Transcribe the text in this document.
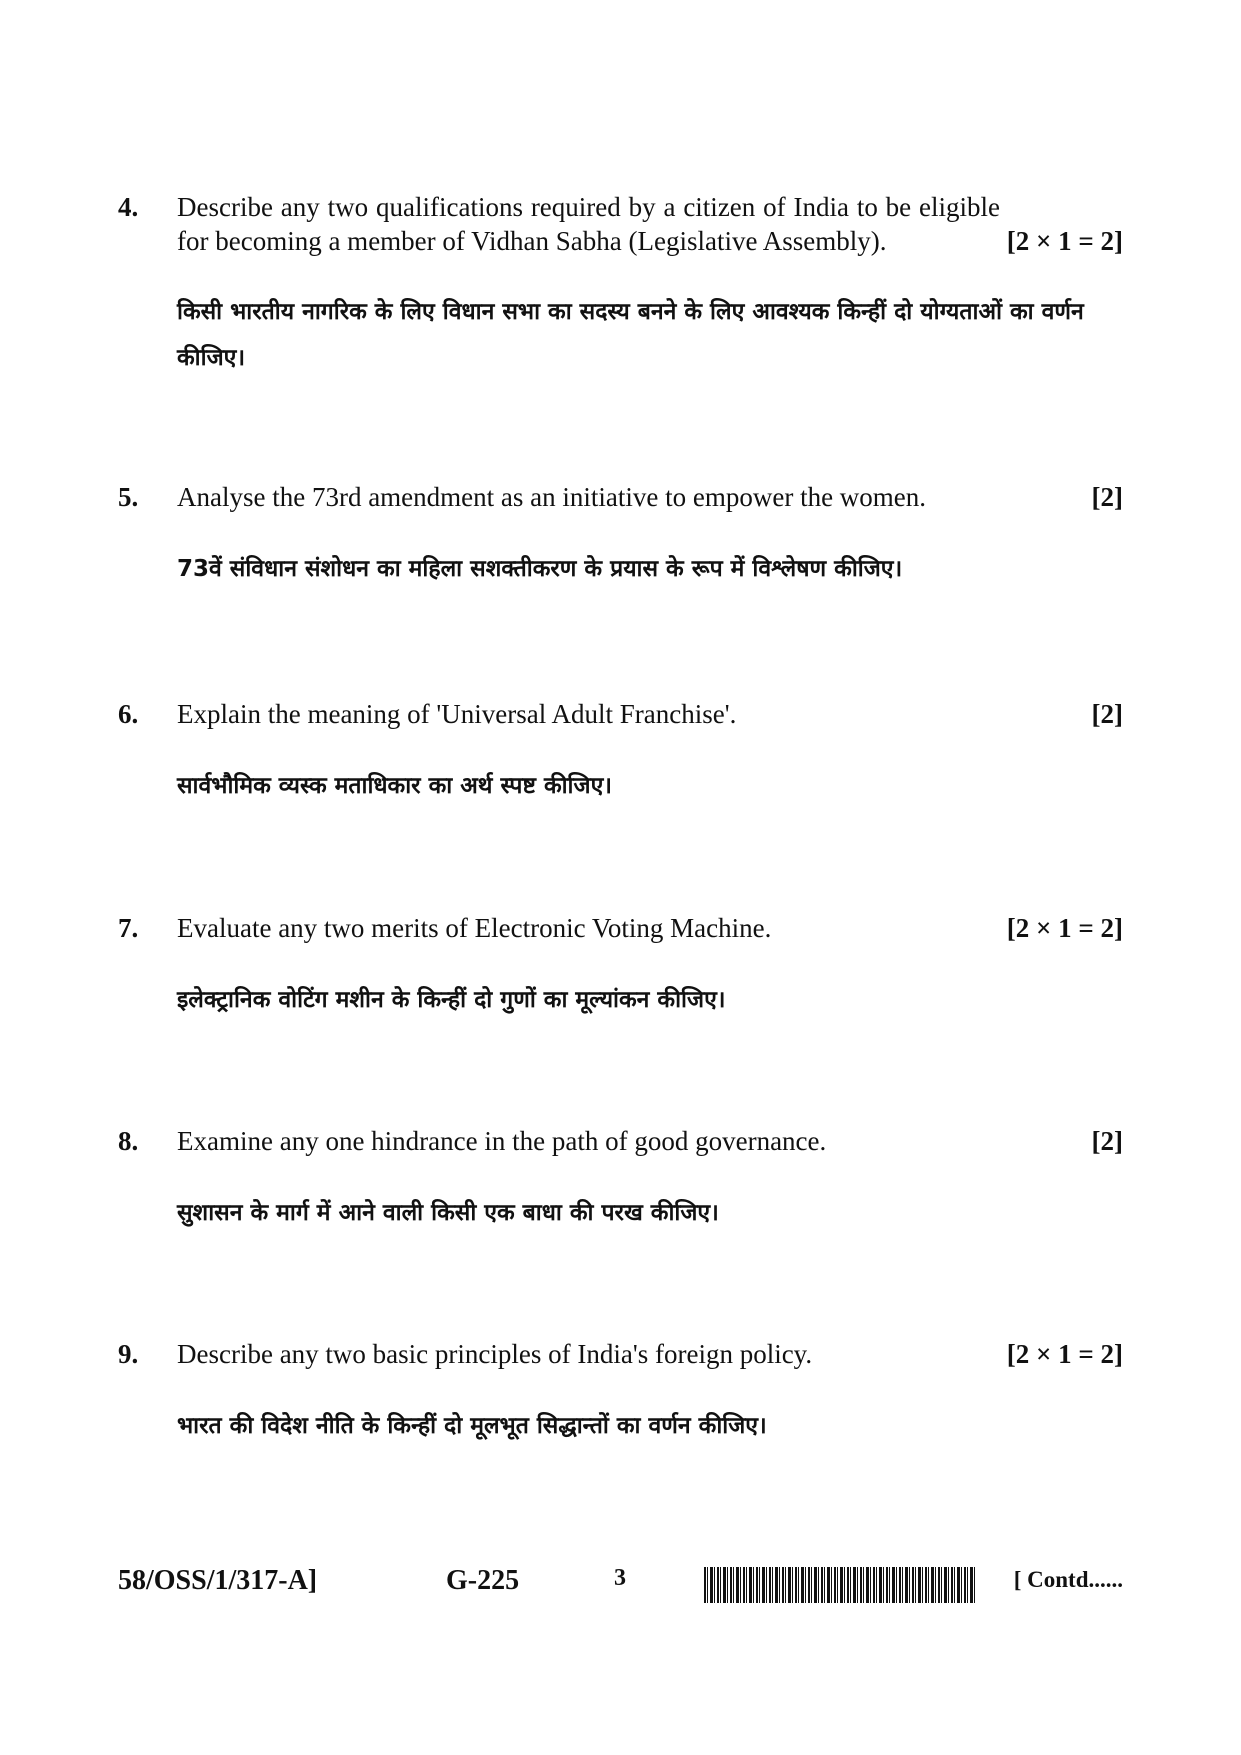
4. Describe any two qualifications required by a citizen of India to be eligible for becoming a member of Vidhan Sabha (Legislative Assembly).	[2 × 1 = 2]
किसी भारतीय नागरिक के लिए विधान सभा का सदस्य बनने के लिए आवश्यक किन्हीं दो योग्यताओं का वर्णन कीजिए।
5. Analyse the 73rd amendment as an initiative to empower the women.	[2]
73वें संविधान संशोधन का महिला सशक्तीकरण के प्रयास के रूप में विश्लेषण कीजिए।
6. Explain the meaning of 'Universal Adult Franchise'.	[2]
सार्वभौमिक व्यस्क मताधिकार का अर्थ स्पष्ट कीजिए।
7. Evaluate any two merits of Electronic Voting Machine.	[2 × 1 = 2]
इलेक्ट्रानिक वोटिंग मशीन के किन्हीं दो गुणों का मूल्यांकन कीजिए।
8. Examine any one hindrance in the path of good governance.	[2]
सुशासन के मार्ग में आने वाली किसी एक बाधा की परख कीजिए।
9. Describe any two basic principles of India's foreign policy.	[2 × 1 = 2]
भारत की विदेश नीति के किन्हीं दो मूलभूत सिद्धान्तों का वर्णन कीजिए।
58/OSS/1/317-A]	G-225	3	[ Contd......
